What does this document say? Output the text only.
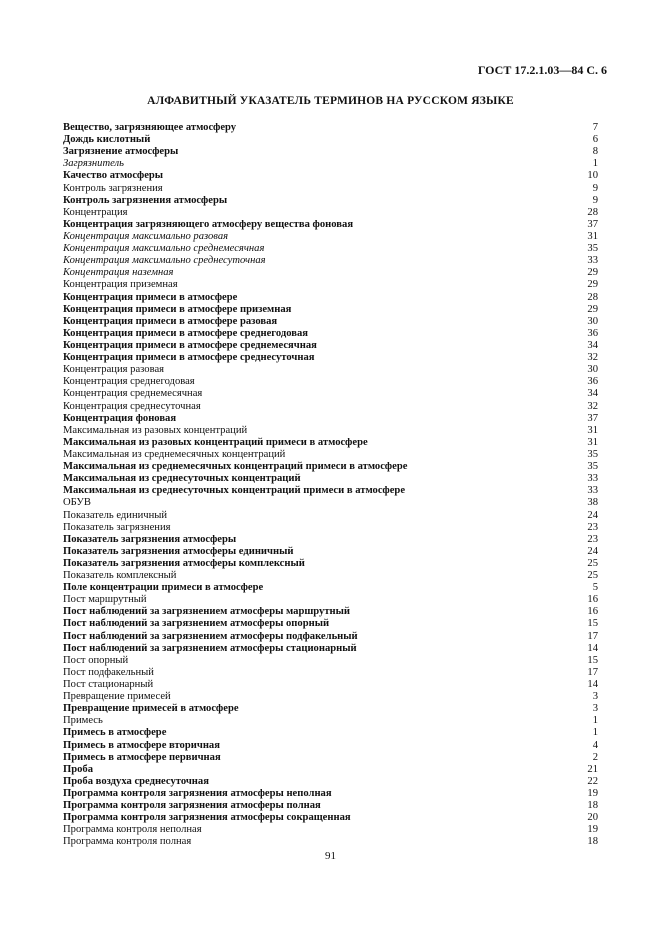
ГОСТ 17.2.1.03—84 С. 6
АЛФАВИТНЫЙ УКАЗАТЕЛЬ ТЕРМИНОВ НА РУССКОМ ЯЗЫКЕ
Вещество, загрязняющее атмосферу	7
Дождь кислотный	6
Загрязнение атмосферы	8
Загрязнитель	1
Качество атмосферы	10
Контроль загрязнения	9
Контроль загрязнения атмосферы	9
Концентрация	28
Концентрация загрязняющего атмосферу вещества фоновая	37
Концентрация максимально разовая	31
Концентрация максимально среднемесячная	35
Концентрация максимально среднесуточная	33
Концентрация наземная	29
Концентрация приземная	29
Концентрация примеси в атмосфере	28
Концентрация примеси в атмосфере приземная	29
Концентрация примеси в атмосфере разовая	30
Концентрация примеси в атмосфере среднегодовая	36
Концентрация примеси в атмосфере среднемесячная	34
Концентрация примеси в атмосфере среднесуточная	32
Концентрация разовая	30
Концентрация среднегодовая	36
Концентрация среднемесячная	34
Концентрация среднесуточная	32
Концентрация фоновая	37
Максимальная из разовых концентраций	31
Максимальная из разовых концентраций примеси в атмосфере	31
Максимальная из среднемесячных концентраций	35
Максимальная из среднемесячных концентраций примеси в атмосфере	35
Максимальная из среднесуточных концентраций	33
Максимальная из среднесуточных концентраций примеси в атмосфере	33
ОБУВ	38
Показатель единичный	24
Показатель загрязнения	23
Показатель загрязнения атмосферы	23
Показатель загрязнения атмосферы единичный	24
Показатель загрязнения атмосферы комплексный	25
Показатель комплексный	25
Поле концентрации примеси в атмосфере	5
Пост маршрутный	16
Пост наблюдений за загрязнением атмосферы маршрутный	16
Пост наблюдений за загрязнением атмосферы опорный	15
Пост наблюдений за загрязнением атмосферы подфакельный	17
Пост наблюдений за загрязнением атмосферы стационарный	14
Пост опорный	15
Пост подфакельный	17
Пост стационарный	14
Превращение примесей	3
Превращение примесей в атмосфере	3
Примесь	1
Примесь в атмосфере	1
Примесь в атмосфере вторичная	4
Примесь в атмосфере первичная	2
Проба	21
Проба воздуха среднесуточная	22
Программа контроля загрязнения атмосферы неполная	19
Программа контроля загрязнения атмосферы полная	18
Программа контроля загрязнения атмосферы сокращенная	20
Программа контроля неполная	19
Программа контроля полная	18
91
